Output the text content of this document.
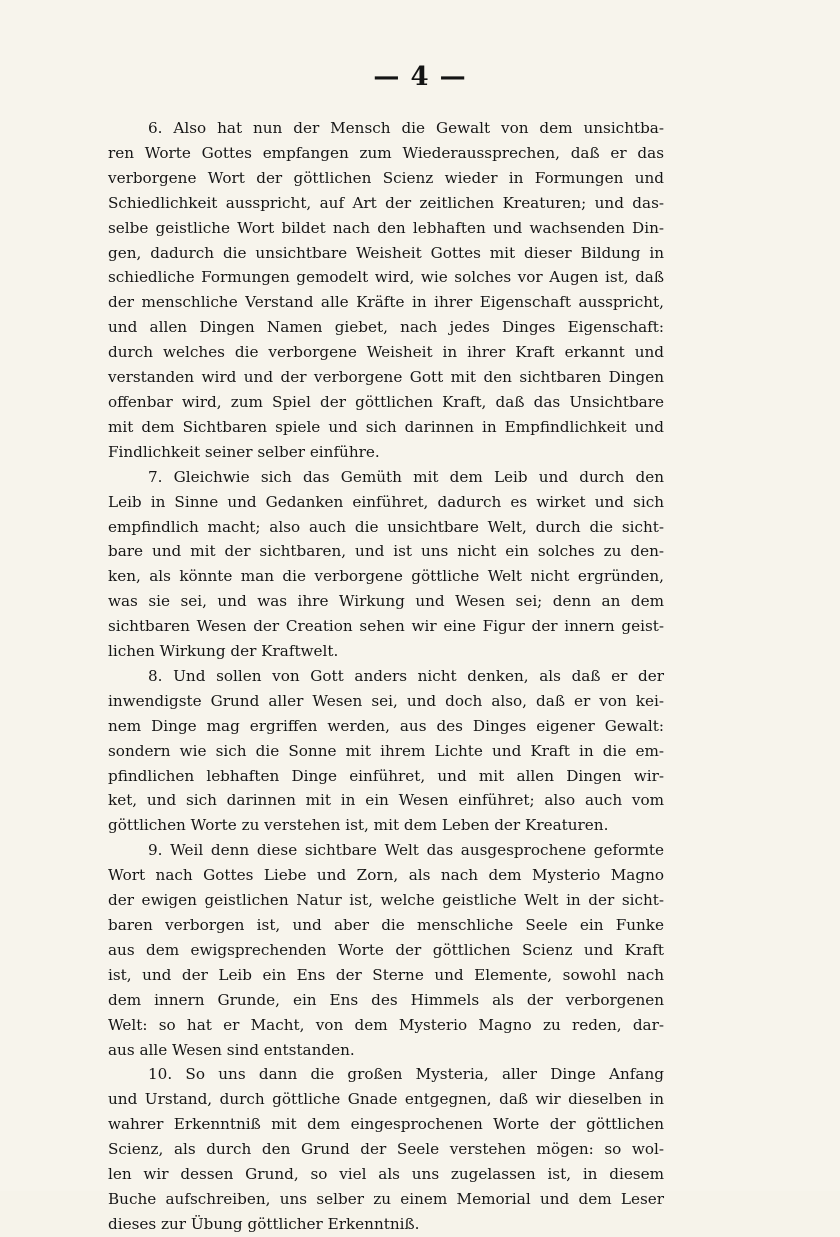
— 4 —
6. Also hat nun der Mensch die Gewalt von dem unsichtba-
ren Worte Gottes empfangen zum Wiederaussprechen, daß er das
verborgene Wort der göttlichen Scienz wieder in Formungen und
Schiedlichkeit ausspricht, auf Art der zeitlichen Kreaturen; und das-
selbe geistliche Wort bildet nach den lebhaften und wachsenden Din-
gen, dadurch die unsichtbare Weisheit Gottes mit dieser Bildung in
schiedliche Formungen gemodelt wird, wie solches vor Augen ist, daß
der menschliche Verstand alle Kräfte in ihrer Eigenschaft ausspricht,
und allen Dingen Namen giebet, nach jedes Dinges Eigenschaft:
durch welches die verborgene Weisheit in ihrer Kraft erkannt und
verstanden wird und der verborgene Gott mit den sichtbaren Dingen
offenbar wird, zum Spiel der göttlichen Kraft, daß das Unsichtbare
mit dem Sichtbaren spiele und sich darinnen in Empfindlichkeit und
Findlichkeit seiner selber einführe.
7. Gleichwie sich das Gemüth mit dem Leib und durch den
Leib in Sinne und Gedanken einführet, dadurch es wirket und sich
empfindlich macht; also auch die unsichtbare Welt, durch die sicht-
bare und mit der sichtbaren, und ist uns nicht ein solches zu den-
ken, als könnte man die verborgene göttliche Welt nicht ergründen,
was sie sei, und was ihre Wirkung und Wesen sei; denn an dem
sichtbaren Wesen der Creation sehen wir eine Figur der innern geist-
lichen Wirkung der Kraftwelt.
8. Und sollen von Gott anders nicht denken, als daß er der
inwendigste Grund aller Wesen sei, und doch also, daß er von kei-
nem Dinge mag ergriffen werden, aus des Dinges eigener Gewalt:
sondern wie sich die Sonne mit ihrem Lichte und Kraft in die em-
pfindlichen lebhaften Dinge einführet, und mit allen Dingen wir-
ket, und sich darinnen mit in ein Wesen einführet; also auch vom
göttlichen Worte zu verstehen ist, mit dem Leben der Kreaturen.
9. Weil denn diese sichtbare Welt das ausgesprochene geformte
Wort nach Gottes Liebe und Zorn, als nach dem Mysterio Magno
der ewigen geistlichen Natur ist, welche geistliche Welt in der sicht-
baren verborgen ist, und aber die menschliche Seele ein Funke
aus dem ewigsprechenden Worte der göttlichen Scienz und Kraft
ist, und der Leib ein Ens der Sterne und Elemente, sowohl nach
dem innern Grunde, ein Ens des Himmels als der verborgenen
Welt: so hat er Macht, von dem Mysterio Magno zu reden, dar-
aus alle Wesen sind entstanden.
10. So uns dann die großen Mysteria, aller Dinge Anfang
und Urstand, durch göttliche Gnade entgegnen, daß wir dieselben in
wahrer Erkenntniß mit dem eingesprochenen Worte der göttlichen
Scienz, als durch den Grund der Seele verstehen mögen: so wol-
len wir dessen Grund, so viel als uns zugelassen ist, in diesem
Buche aufschreiben, uns selber zu einem Memorial und dem Leser
dieses zur Übung göttlicher Erkenntniß.
